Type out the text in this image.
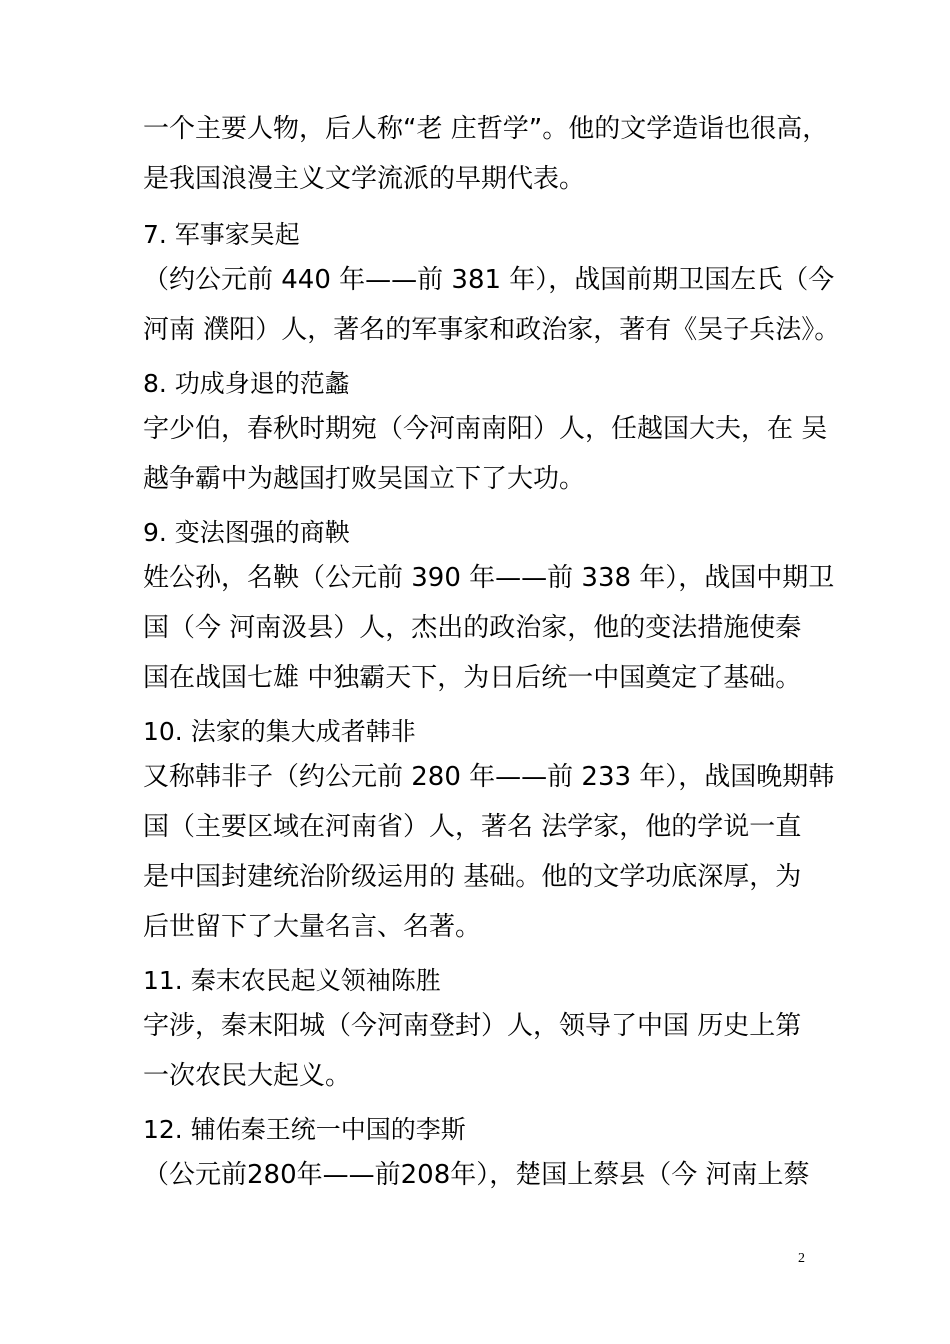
一个主要人物，后人称“老 庄哲学”。他的文学造诣也很高，
是我国浪漫主义文学流派的早期代表。
7. 军事家吴起
（约公元前 440 年——前 381 年），战国前期卫国左氏（今
河南 濮阳）人，著名的军事家和政治家，著有《吴子兵法》。
8. 功成身退的范蠡
字少伯，春秋时期宛（今河南南阳）人，任越国大夫，在 吴
越争霸中为越国打败吴国立下了大功。
9. 变法图强的商鞅
姓公孙，名鞅（公元前 390 年——前 338 年），战国中期卫
国（今 河南汲县）人，杰出的政治家，他的变法措施使秦
国在战国七雄 中独霸天下，为日后统一中国奠定了基础。
10. 法家的集大成者韩非
又称韩非子（约公元前 280 年——前 233 年），战国晚期韩
国（主要区域在河南省）人，著名 法学家，他的学说一直
是中国封建统治阶级运用的 基础。他的文学功底深厚，为
后世留下了大量名言、名著。
11. 秦末农民起义领袖陈胜
字涉，秦末阳城（今河南登封）人，领导了中国 历史上第
一次农民大起义。
12. 辅佑秦王统一中国的李斯
（公元前280年——前208年），楚国上蔡县（今 河南上蔡
2
